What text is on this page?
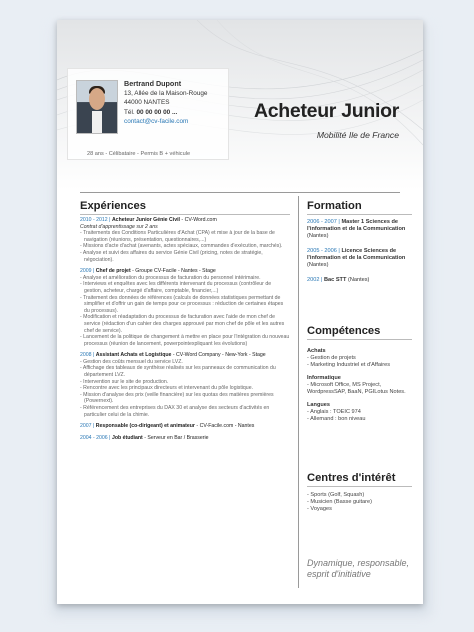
Bertrand Dupont
13, Allée de la Maison-Rouge
44000 NANTES
Tél. 00 00 00 00 ...
contact@cv-facile.com
28 ans - Célibataire - Permis B + véhicule
Acheteur Junior
Mobilité Ile de France
Expériences
2010 - 2012 | Acheteur Junior Génie Civil - CV-Word.com
Contrat d'apprentissage sur 2 ans
- Traitements des Conditions Particulières d'Achat (CPA) et mise à jour de la base de navigation (réunions, présentation, questionnaires,...)
- Missions d'acte d'achat (avenants, actes spéciaux, commandes d'exécution, marchés).
- Analyse et suivi des affaires du service Génie Civil (pricing, notes de stratégie, négociation).
2009 | Chef de projet - Groupe CV-Facile - Nantes - Stage
- Analyse et amélioration du processus de facturation du personnel intérimaire.
- Interviews et enquêtes avec les différents intervenant du processus (contrôleur de gestion, acheteur, chargé d'affaire, comptable, financier,...)
- Traitement des données de références (calculs de données statistiques permettant de simplifier et d'offrir un gain de temps pour ce processus : réduction de certaines étapes du processus).
- Modification et réadaptation du processus de facturation avec l'aide de mon chef de service (rédaction d'un cahier des charges approuvé par mon chef de pôle et les autres chef de service).
- Lancement de la politique de changement à mettre en place pour l'intégration du nouveau processus (réunion de lancement, powerpointexpliquant les évolutions)
2008 | Assistant Achats et Logistique - CV-Word Company - New-York - Stage
- Gestion des coûts mensuel du service LVZ.
- Affichage des tableaux de synthèse réalisés sur les panneaux de communication du département LVZ.
- Intervention sur le site de production.
- Rencontre avec les principaux directeurs et intervenant du pôle logistique.
- Mission d'analyse des prix (veille financière) sur les quotas des matières premières (Powernext).
- Référencement des entreprises du DAX 30 et analyse des secteurs d'activités en particulier celui de la chimie.
2007 | Responsable (co-dirigeant) et animateur - CV-Facile.com - Nantes
2004 - 2006 | Job étudiant - Serveur en Bar / Brasserie
Formation
2006 - 2007 | Master 1 Sciences de l'information et de la Communication (Nantes)
2005 - 2006 | Licence Sciences de l'information et de la Communication (Nantes)
2002 | Bac STT (Nantes)
Compétences
Achats
- Gestion de projets
- Marketing Industriel et d'Affaires
Informatique
- Microsoft Office, MS Project, WordpressSAP, BaaN, PGILotus Notes.
Langues
- Anglais : TOEIC 974
- Allemand : bon niveau
Centres d'intérêt
- Sports (Golf, Squash)
- Musicien (Basse guitare)
- Voyages
Dynamique, responsable, esprit d'initiative
